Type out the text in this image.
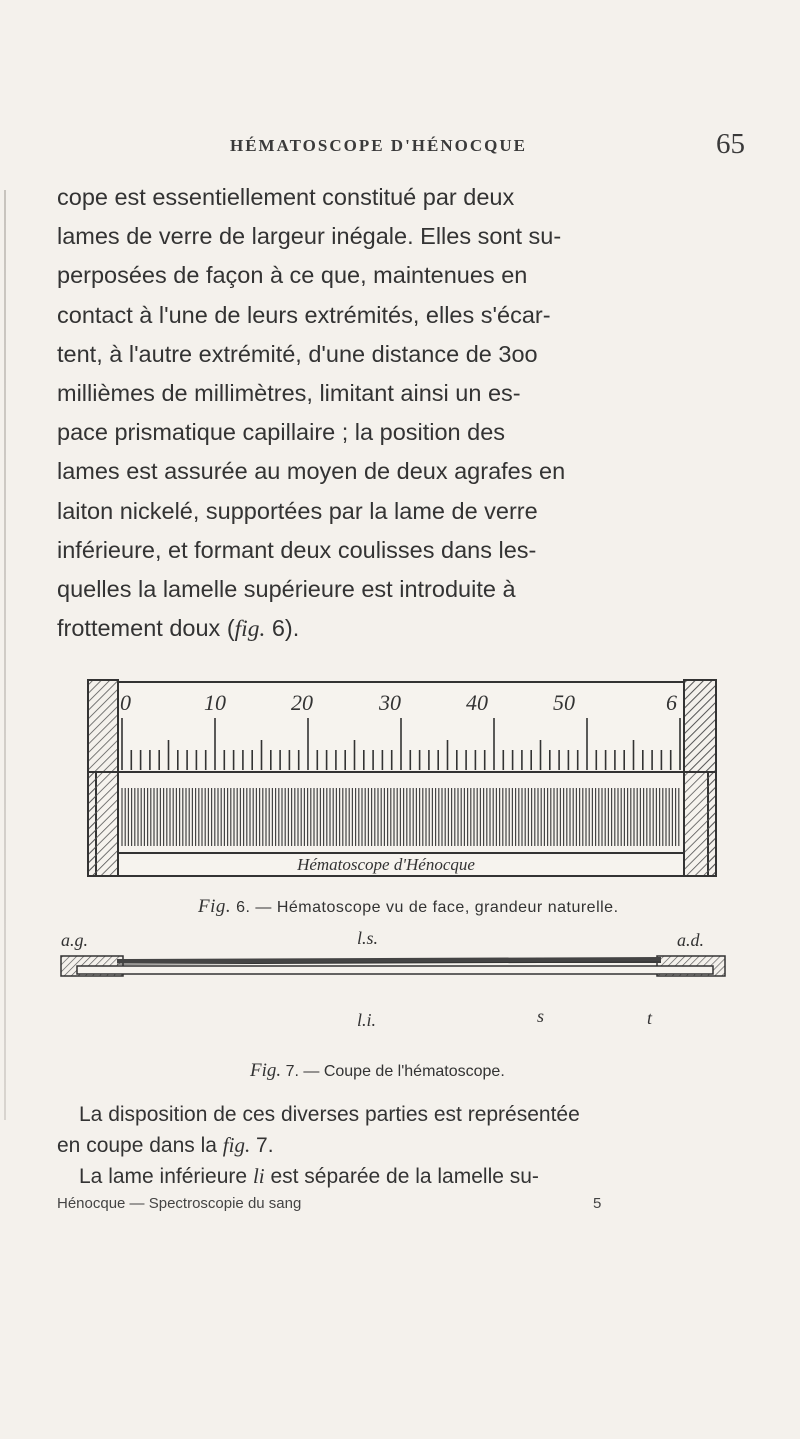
HÉMATOSCOPE D'HÉNOCQUE	65

cope est essentiellement constitué par deux

lames de verre de largeur inégale. Elles sont su-

perposées de façon à ce que, maintenues en

contact à l'une de leurs extrémités, elles s'écar-

tent, à l'autre extrémité, d'une distance de 3oo

millièmes de millimètres, limitant ainsi un es-

pace prismatique capillaire ; la position des

lames est assurée au moyen de deux agrafes en

laiton nickelé, supportées par la lame de verre

inférieure, et formant deux coulisses dans les-

quelles la lamelle supérieure est introduite à

frottement doux (fig. 6).

0	10	20	30	40	50	6
Hématoscope d'Hénocque
Fig. 6. — Hématoscope vu de face, grandeur naturelle.
a.g.	l.s.	a.d.
l.i.	s	t
Fig. 7. — Coupe de l'hématoscope.

La disposition de ces diverses parties est représentée

en coupe dans la fig. 7.

La lame inférieure li est séparée de la lamelle su-

Hénocque — Spectroscopie du sang	5
